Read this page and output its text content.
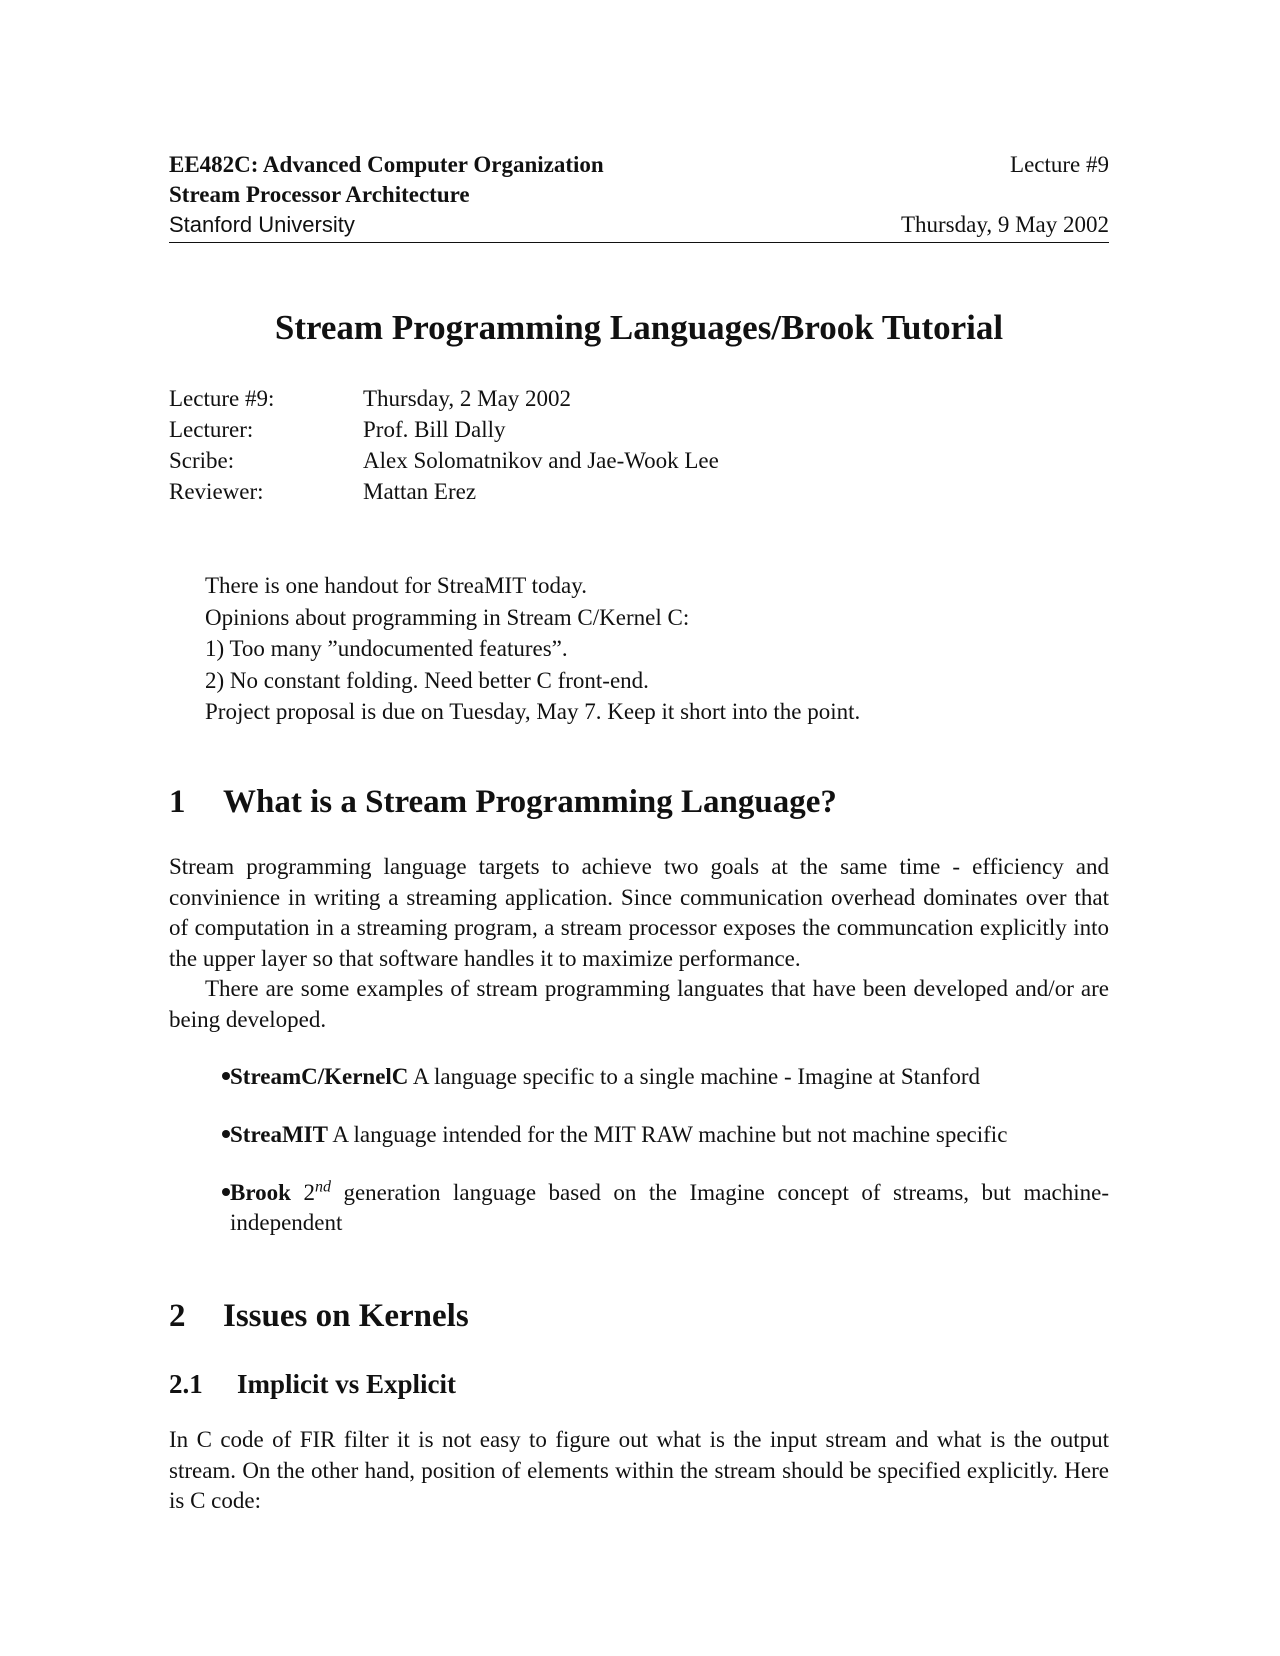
EE482C: Advanced Computer Organization	Lecture #9
Stream Processor Architecture
Stanford University	Thursday, 9 May 2002
Stream Programming Languages/Brook Tutorial
Lecture #9:	Thursday, 2 May 2002
Lecturer:	Prof. Bill Dally
Scribe:	Alex Solomatnikov and Jae-Wook Lee
Reviewer:	Mattan Erez
There is one handout for StreaMIT today.
Opinions about programming in Stream C/Kernel C:
1) Too many ”undocumented features”.
2) No constant folding. Need better C front-end.
Project proposal is due on Tuesday, May 7. Keep it short into the point.
1	What is a Stream Programming Language?

Stream programming language targets to achieve two goals at the same time - efficiency and convinience in writing a streaming application. Since communication overhead dominates over that of computation in a streaming program, a stream processor exposes the communcation explicitly into the upper layer so that software handles it to maximize performance.

There are some examples of stream programming languates that have been developed and/or are being developed.

StreamC/KernelC A language specific to a single machine - Imagine at Stanford
StreaMIT A language intended for the MIT RAW machine but not machine specific
Brook 2nd generation language based on the Imagine concept of streams, but machine-independent
2	Issues on Kernels
2.1	Implicit vs Explicit

In C code of FIR filter it is not easy to figure out what is the input stream and what is the output stream. On the other hand, position of elements within the stream should be specified explicitly. Here is C code:
